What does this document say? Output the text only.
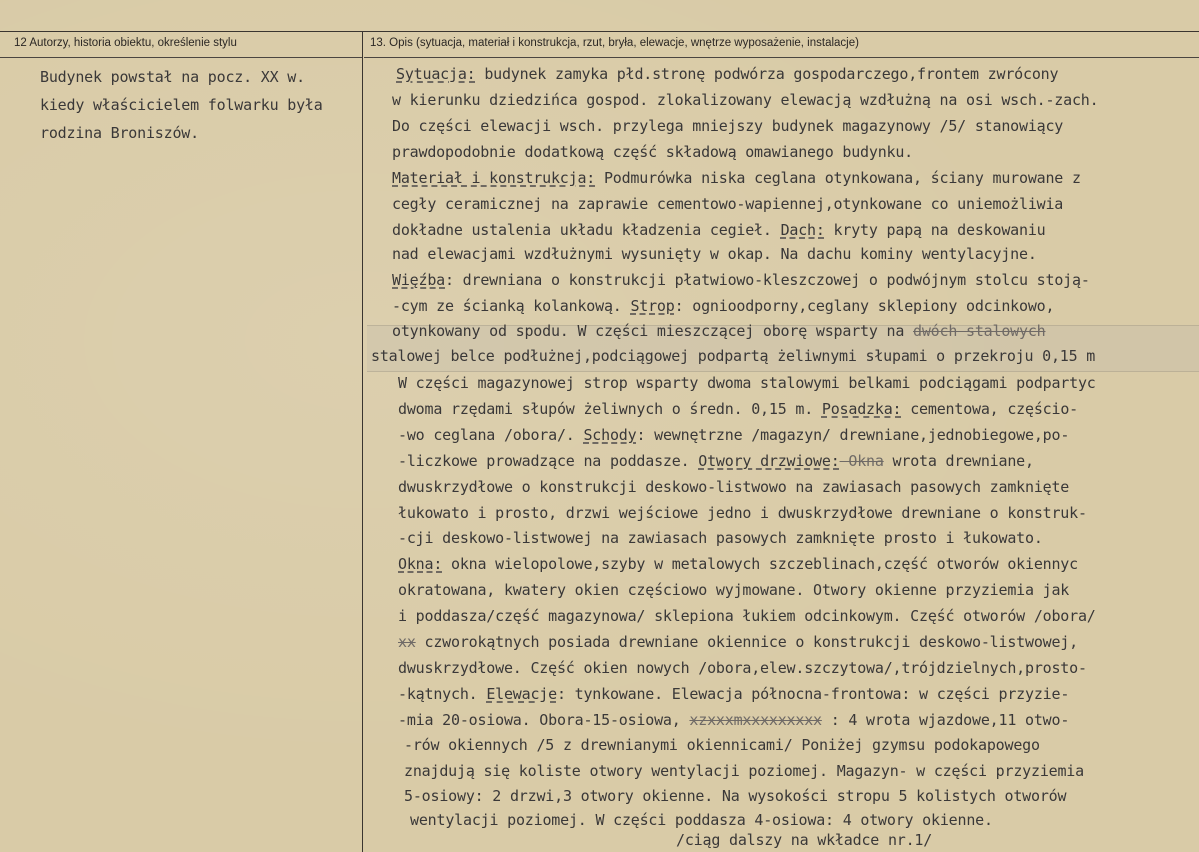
12 Autorzy, historia obiektu, określenie stylu	13. Opis (sytuacja, materiał i konstrukcja, rzut, bryła, elewacje, wnętrze wyposażenie, instalacje)
Budynek powstał na pocz. XX w.
kiedy właścicielem folwarku była
rodzina Broniszów.
Sytuacja: budynek zamyka płd.stronę podwórza gospodarczego,frontem zwrócony
w kierunku dziedzińca gospod. zlokalizowany elewacją wzdłużną na osi wsch.-zach.
Do części elewacji wsch. przylega mniejszy budynek magazynowy /5/ stanowiący
prawdopodobnie dodatkową część składową omawianego budynku.
Materiał i konstrukcja: Podmurówka niska ceglana otynkowana, ściany murowane z
cegły ceramicznej na zaprawie cementowo-wapiennej,otynkowane co uniemożliwia
dokładne ustalenia układu kładzenia cegieł. Dach: kryty papą na deskowaniu
nad elewacjami wzdłużnymi wysunięty w okap. Na dachu kominy wentylacyjne.
Więźba: drewniana o konstrukcji płatwiowo-kleszczowej o podwójnym stolcu stoją-
-cym ze ścianką kolankową. Strop: ognioodporny,ceglany sklepiony odcinkowo,
otynkowany od spodu. W części mieszczącej oborę wsparty na dwóch stalowych
stalowej belce podłużnej,podciągowej podpartą żeliwnymi słupami o przekroju 0,15 m
W części magazynowej strop wsparty dwoma stalowymi belkami podciągami podpartyc
dwoma rzędami słupów żeliwnych o średn. 0,15 m. Posadzka: cementowa, częścio-
-wo ceglana /obora/. Schody: wewnętrzne /magazyn/ drewniane,jednobiegowe,po-
-liczkowe prowadzące na poddasze. Otwory drzwiowe: Okna wrota drewniane,
dwuskrzydłowe o konstrukcji deskowo-listwowo na zawiasach pasowych zamknięte
łukowato i prosto, drzwi wejściowe jedno i dwuskrzydłowe drewniane o konstruk-
-cji deskowo-listwowej na zawiasach pasowych zamknięte prosto i łukowato.
Okna: okna wielopolowe,szyby w metalowych szczeblinach,część otworów okiennyc
okratowana, kwatery okien częściowo wyjmowane. Otwory okienne przyziemia jak
i poddasza/część magazynowa/ sklepiona łukiem odcinkowym. Część otworów /obora/
xx czworokątnych posiada drewniane okiennice o konstrukcji deskowo-listwowej,
dwuskrzydłowe. Część okien nowych /obora,elew.szczytowa/,trójdzielnych,prosto-
-kątnych. Elewacje: tynkowane. Elewacja północna-frontowa: w części przyzie-
-mia 20-osiowa. Obora-15-osiowa, xzxxxmxxxxxxxxx : 4 wrota wjazdowe,11 otwo-
-rów okiennych /5 z drewnianymi okiennicami/ Poniżej gzymsu podokapowego
znajdują się koliste otwory wentylacji poziomej. Magazyn- w części przyziemia
5-osiowy: 2 drzwi,3 otwory okienne. Na wysokości stropu 5 kolistych otworów
wentylacji poziomej. W części poddasza 4-osiowa: 4 otwory okienne.
/ciąg dalszy na wkładce nr.1/
